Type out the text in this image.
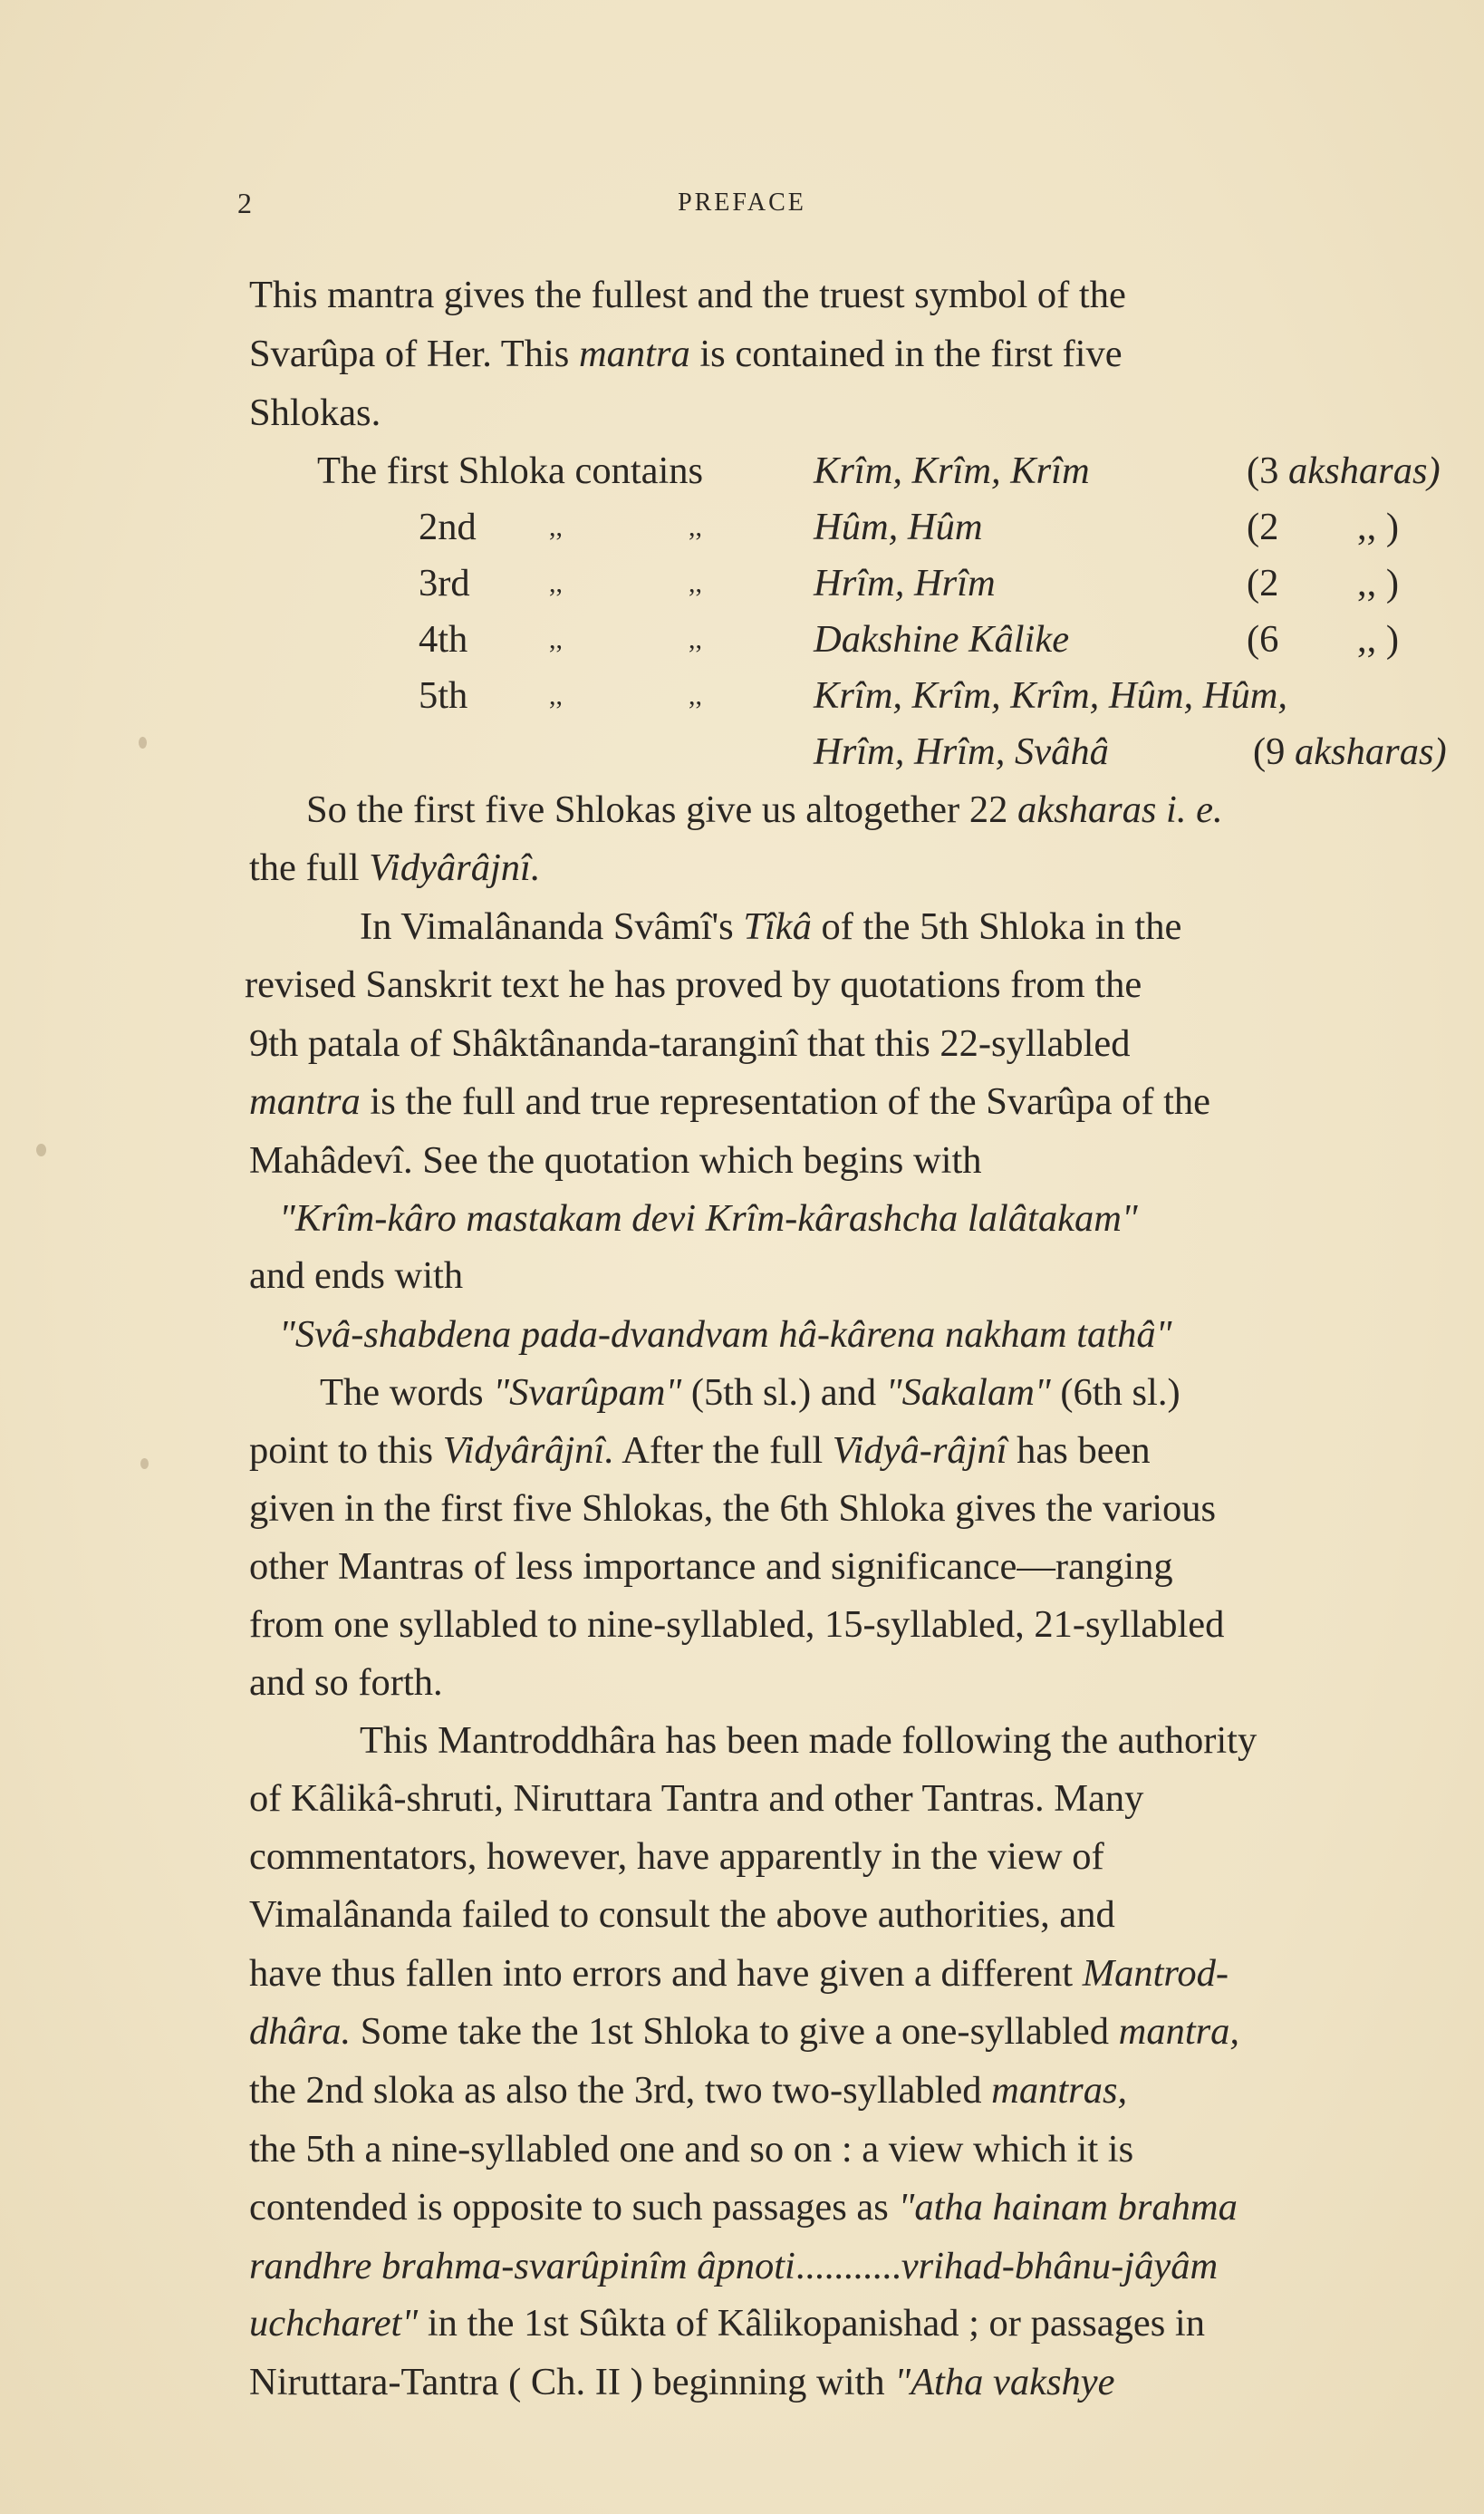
2	PREFACE
This mantra gives the fullest and the truest symbol of the
Svarûpa of Her. This mantra is contained in the first five
Shlokas.
The first Shloka contains	Krîm, Krîm, Krîm	(3 aksharas)
2nd	,,	,,	Hûm, Hûm	(2 ,, )
3rd	,,	,,	Hrîm, Hrîm	(2 ,, )
4th	,,	,,	Dakshine Kâlike	(6 ,, )
5th	,,	,,	Krîm, Krîm, Krîm, Hûm, Hûm,
Hrîm, Hrîm, Svâhâ	(9 aksharas)
So the first five Shlokas give us altogether 22 aksharas i. e.
the full Vidyârâjnî.
In Vimalânanda Svâmî's Tîkâ of the 5th Shloka in the
revised Sanskrit text he has proved by quotations from the
9th patala of Shâktânanda-taranginî that this 22-syllabled
mantra is the full and true representation of the Svarûpa of the
Mahâdevî. See the quotation which begins with
"Krîm-kâro mastakam devi Krîm-kârashcha lalâtakam"
and ends with
"Svâ-shabdena pada-dvandvam hâ-kârena nakham tathâ"
The words "Svarûpam" (5th sl.) and "Sakalam" (6th sl.)
point to this Vidyârâjnî. After the full Vidyâ-râjnî has been
given in the first five Shlokas, the 6th Shloka gives the various
other Mantras of less importance and significance—ranging
from one syllabled to nine-syllabled, 15-syllabled, 21-syllabled
and so forth.
This Mantroddhâra has been made following the authority
of Kâlikâ-shruti, Niruttara Tantra and other Tantras. Many
commentators, however, have apparently in the view of
Vimalânanda failed to consult the above authorities, and
have thus fallen into errors and have given a different Mantrod-
dhâra. Some take the 1st Shloka to give a one-syllabled mantra,
the 2nd sloka as also the 3rd, two two-syllabled mantras,
the 5th a nine-syllabled one and so on : a view which it is
contended is opposite to such passages as "atha hainam brahma
randhre brahma-svarûpinîm âpnoti...........vrihad-bhânu-jâyâm
uchcharet" in the 1st Sûkta of Kâlikopanishad ; or passages in
Niruttara-Tantra ( Ch. II ) beginning with "Atha vakshye
